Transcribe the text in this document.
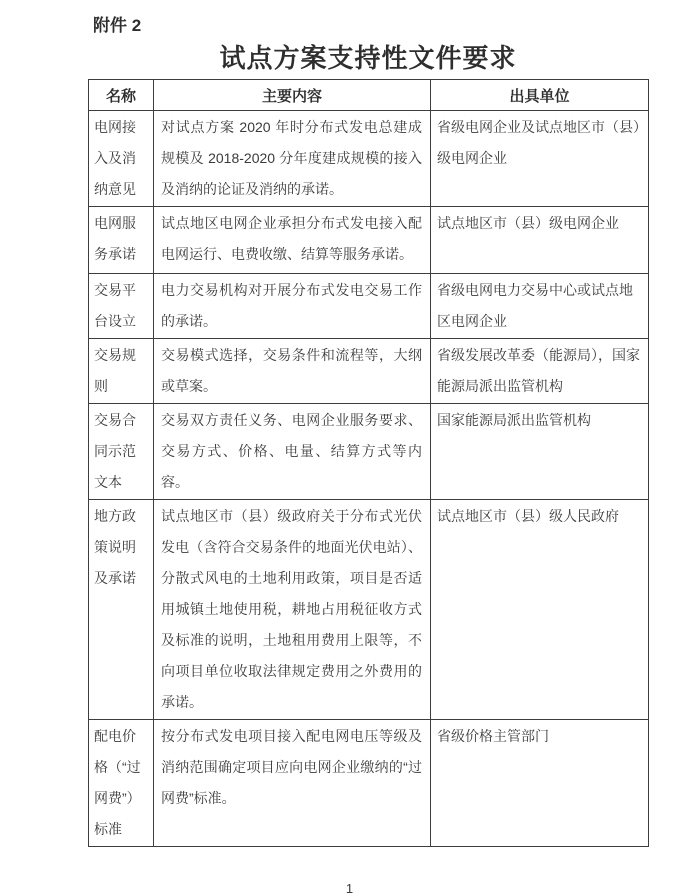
附件 2
试点方案支持性文件要求
名称	主要内容	出具单位
电网接入及消纳意见	对试点方案 2020 年时分布式发电总建成规模及 2018-2020 分年度建成规模的接入及消纳的论证及消纳的承诺。	省级电网企业及试点地区市（县）级电网企业
电网服务承诺	试点地区电网企业承担分布式发电接入配电网运行、电费收缴、结算等服务承诺。	试点地区市（县）级电网企业
交易平台设立	电力交易机构对开展分布式发电交易工作的承诺。	省级电网电力交易中心或试点地区电网企业
交易规则	交易模式选择，交易条件和流程等，大纲或草案。	省级发展改革委（能源局），国家能源局派出监管机构
交易合同示范文本	交易双方责任义务、电网企业服务要求、交易方式、价格、电量、结算方式等内容。	国家能源局派出监管机构
地方政策说明及承诺	试点地区市（县）级政府关于分布式光伏发电（含符合交易条件的地面光伏电站）、分散式风电的土地利用政策，项目是否适用城镇土地使用税，耕地占用税征收方式及标准的说明，土地租用费用上限等，不向项目单位收取法律规定费用之外费用的承诺。	试点地区市（县）级人民政府
配电价格（“过网费”）标准	按分布式发电项目接入配电网电压等级及消纳范围确定项目应向电网企业缴纳的“过网费”标准。	省级价格主管部门
1
